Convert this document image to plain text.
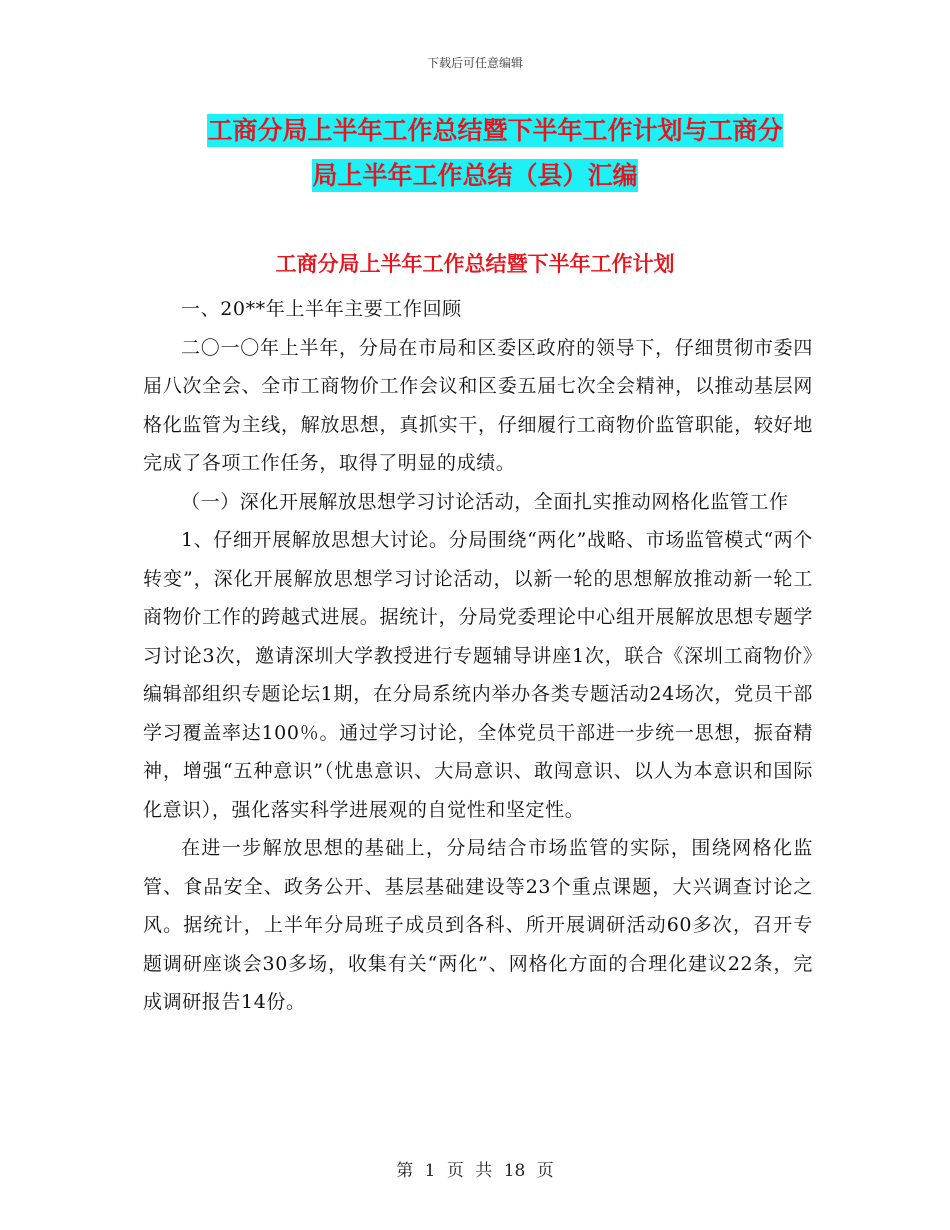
下载后可任意编辑
工商分局上半年工作总结暨下半年工作计划与工商分
局上半年工作总结（县）汇编
工商分局上半年工作总结暨下半年工作计划

一、20**年上半年主要工作回顾

二〇一〇年上半年，分局在市局和区委区政府的领导下，仔细贯彻市委四届八次全会、全市工商物价工作会议和区委五届七次全会精神，以推动基层网格化监管为主线，解放思想，真抓实干，仔细履行工商物价监管职能，较好地完成了各项工作任务，取得了明显的成绩。

（一）深化开展解放思想学习讨论活动，全面扎实推动网格化监管工作

1、仔细开展解放思想大讨论。分局围绕“两化”战略、市场监管模式“两个转变”，深化开展解放思想学习讨论活动，以新一轮的思想解放推动新一轮工商物价工作的跨越式进展。据统计，分局党委理论中心组开展解放思想专题学习讨论3次，邀请深圳大学教授进行专题辅导讲座1次，联合《深圳工商物价》编辑部组织专题论坛1期，在分局系统内举办各类专题活动24场次，党员干部学习覆盖率达100％。通过学习讨论，全体党员干部进一步统一思想，振奋精神，增强“五种意识”（忧患意识、大局意识、敢闯意识、以人为本意识和国际化意识），强化落实科学进展观的自觉性和坚定性。

在进一步解放思想的基础上，分局结合市场监管的实际，围绕网格化监管、食品安全、政务公开、基层基础建设等23个重点课题，大兴调查讨论之风。据统计，上半年分局班子成员到各科、所开展调研活动60多次，召开专题调研座谈会30多场，收集有关“两化”、网格化方面的合理化建议22条，完成调研报告14份。

第 1 页 共 18 页
